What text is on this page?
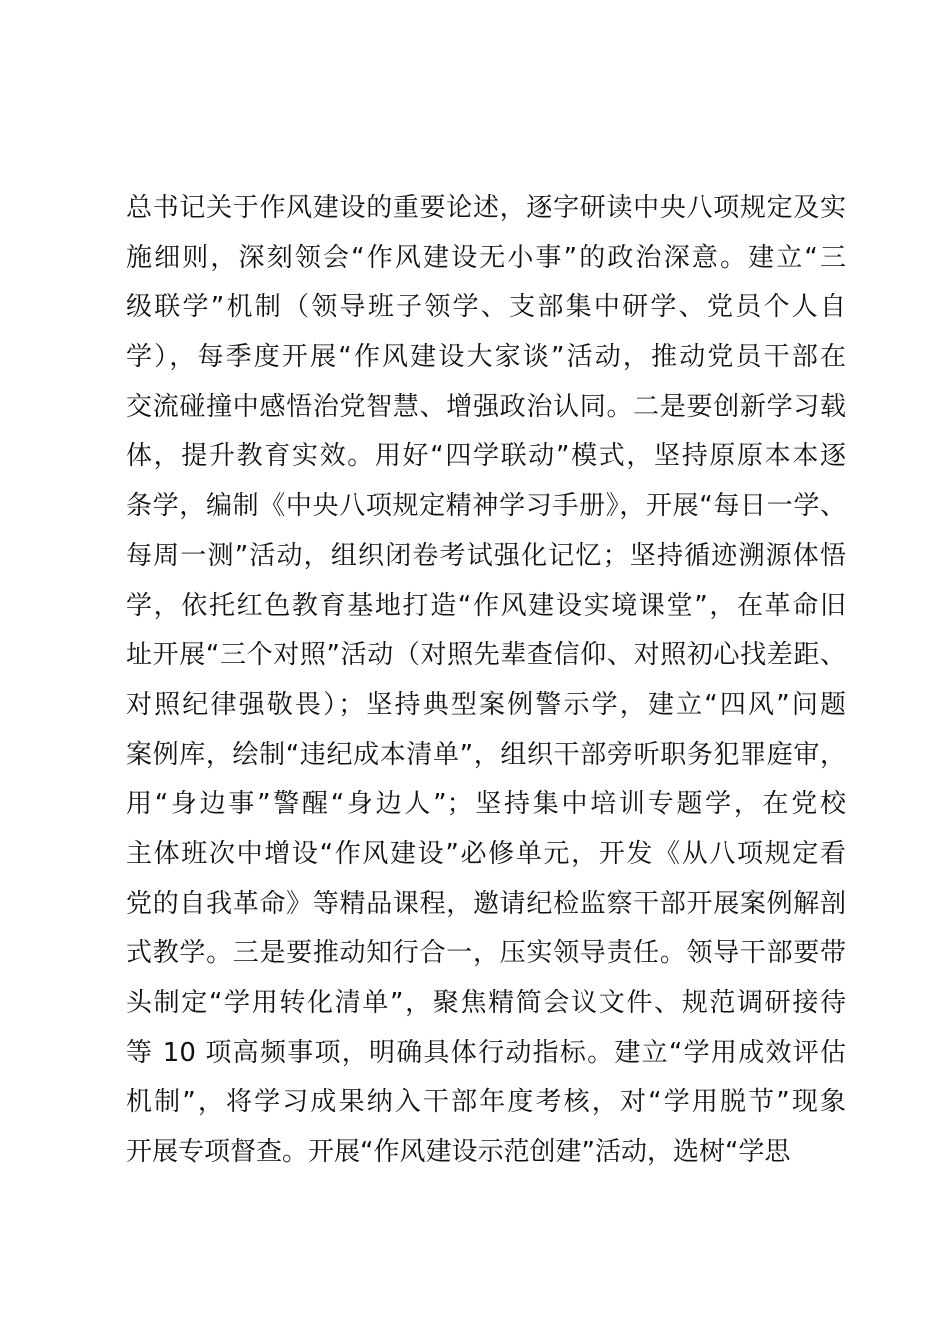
总书记关于作风建设的重要论述，逐字研读中央八项规定及实
施细则，深刻领会“作风建设无小事”的政治深意。建立“三
级联学”机制（领导班子领学、支部集中研学、党员个人自
学），每季度开展“作风建设大家谈”活动，推动党员干部在
交流碰撞中感悟治党智慧、增强政治认同。二是要创新学习载
体，提升教育实效。用好“四学联动”模式，坚持原原本本逐
条学，编制《中央八项规定精神学习手册》，开展“每日一学、
每周一测”活动，组织闭卷考试强化记忆；坚持循迹溯源体悟
学，依托红色教育基地打造“作风建设实境课堂”，在革命旧
址开展“三个对照”活动（对照先辈查信仰、对照初心找差距、
对照纪律强敬畏）；坚持典型案例警示学，建立“四风”问题
案例库，绘制“违纪成本清单”，组织干部旁听职务犯罪庭审，
用“身边事”警醒“身边人”；坚持集中培训专题学，在党校
主体班次中增设“作风建设”必修单元，开发《从八项规定看
党的自我革命》等精品课程，邀请纪检监察干部开展案例解剖
式教学。三是要推动知行合一，压实领导责任。领导干部要带
头制定“学用转化清单”，聚焦精简会议文件、规范调研接待
等 10 项高频事项，明确具体行动指标。建立“学用成效评估
机制”，将学习成果纳入干部年度考核，对“学用脱节”现象
开展专项督查。开展“作风建设示范创建”活动，选树“学思
